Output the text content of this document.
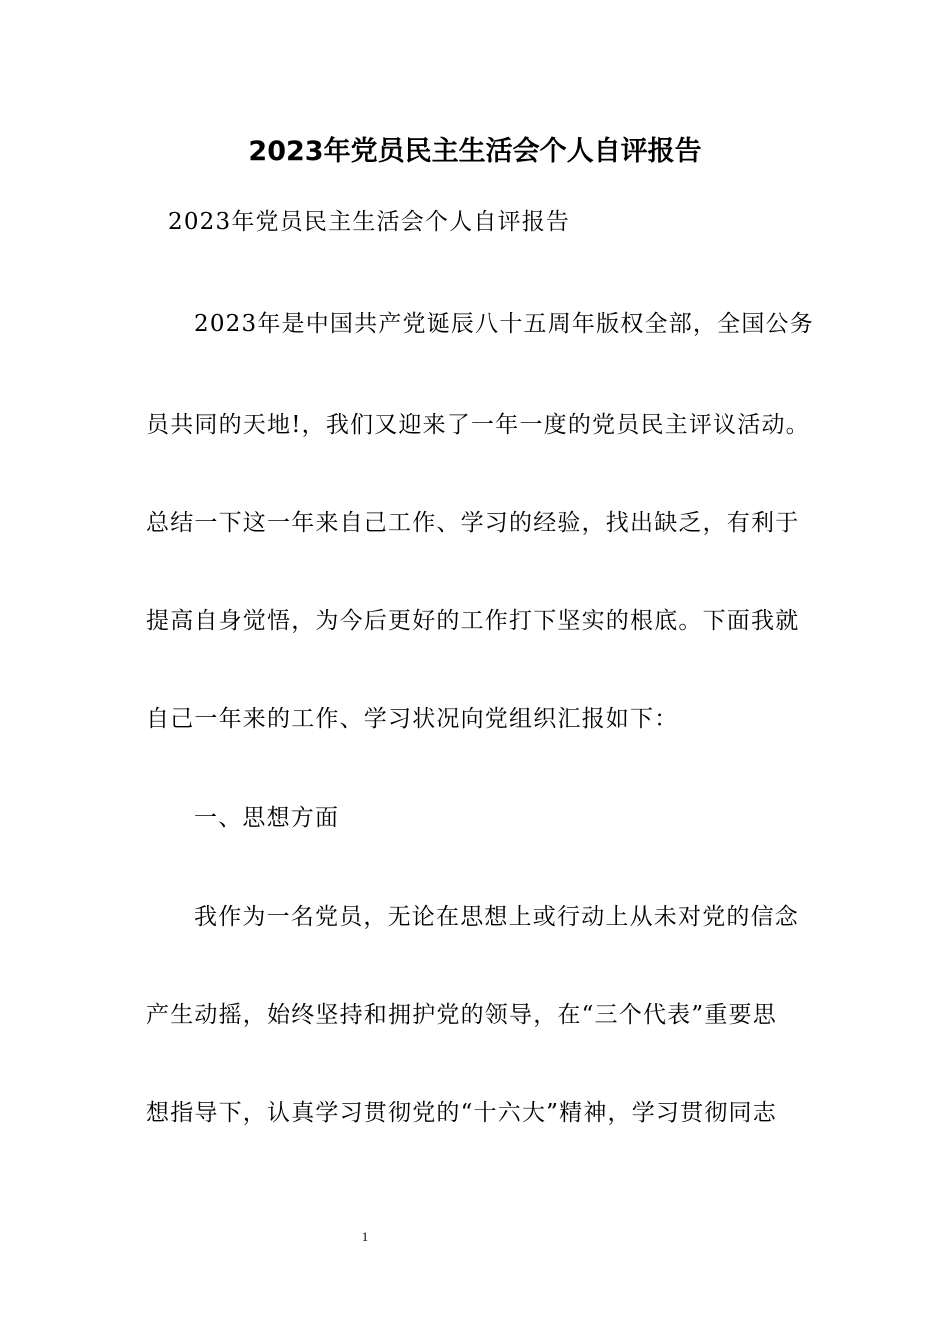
2023年党员民主生活会个人自评报告

2023年党员民主生活会个人自评报告

2023年是中国共产党诞辰八十五周年版权全部，全国公务

员共同的天地!，我们又迎来了一年一度的党员民主评议活动。

总结一下这一年来自己工作、学习的经验，找出缺乏，有利于

提高自身觉悟，为今后更好的工作打下坚实的根底。下面我就

自己一年来的工作、学习状况向党组织汇报如下：

一、思想方面

我作为一名党员，无论在思想上或行动上从未对党的信念

产生动摇，始终坚持和拥护党的领导，在“三个代表”重要思

想指导下，认真学习贯彻党的“十六大”精神，学习贯彻同志

1
